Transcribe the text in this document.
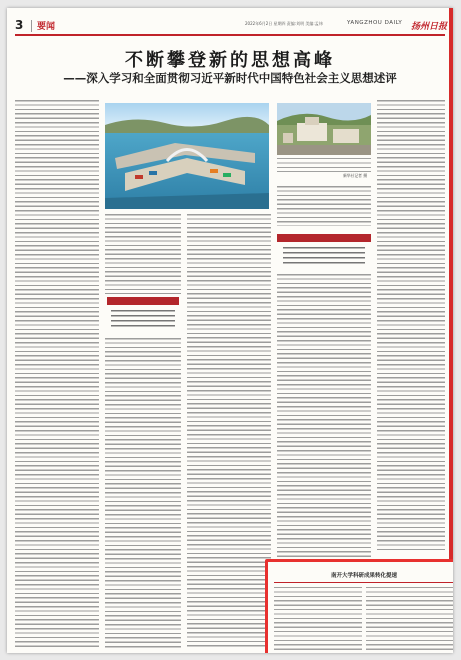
3 要闻	2022年6月2日 星期四 责编:刘明 美编:孟炜	YANGZHOU DAILY 扬州日报
不断攀登新的思想高峰
——深入学习和全面贯彻习近平新时代中国特色社会主义思想述评
新华社记者 摄
南开大学科研成果转化提速
